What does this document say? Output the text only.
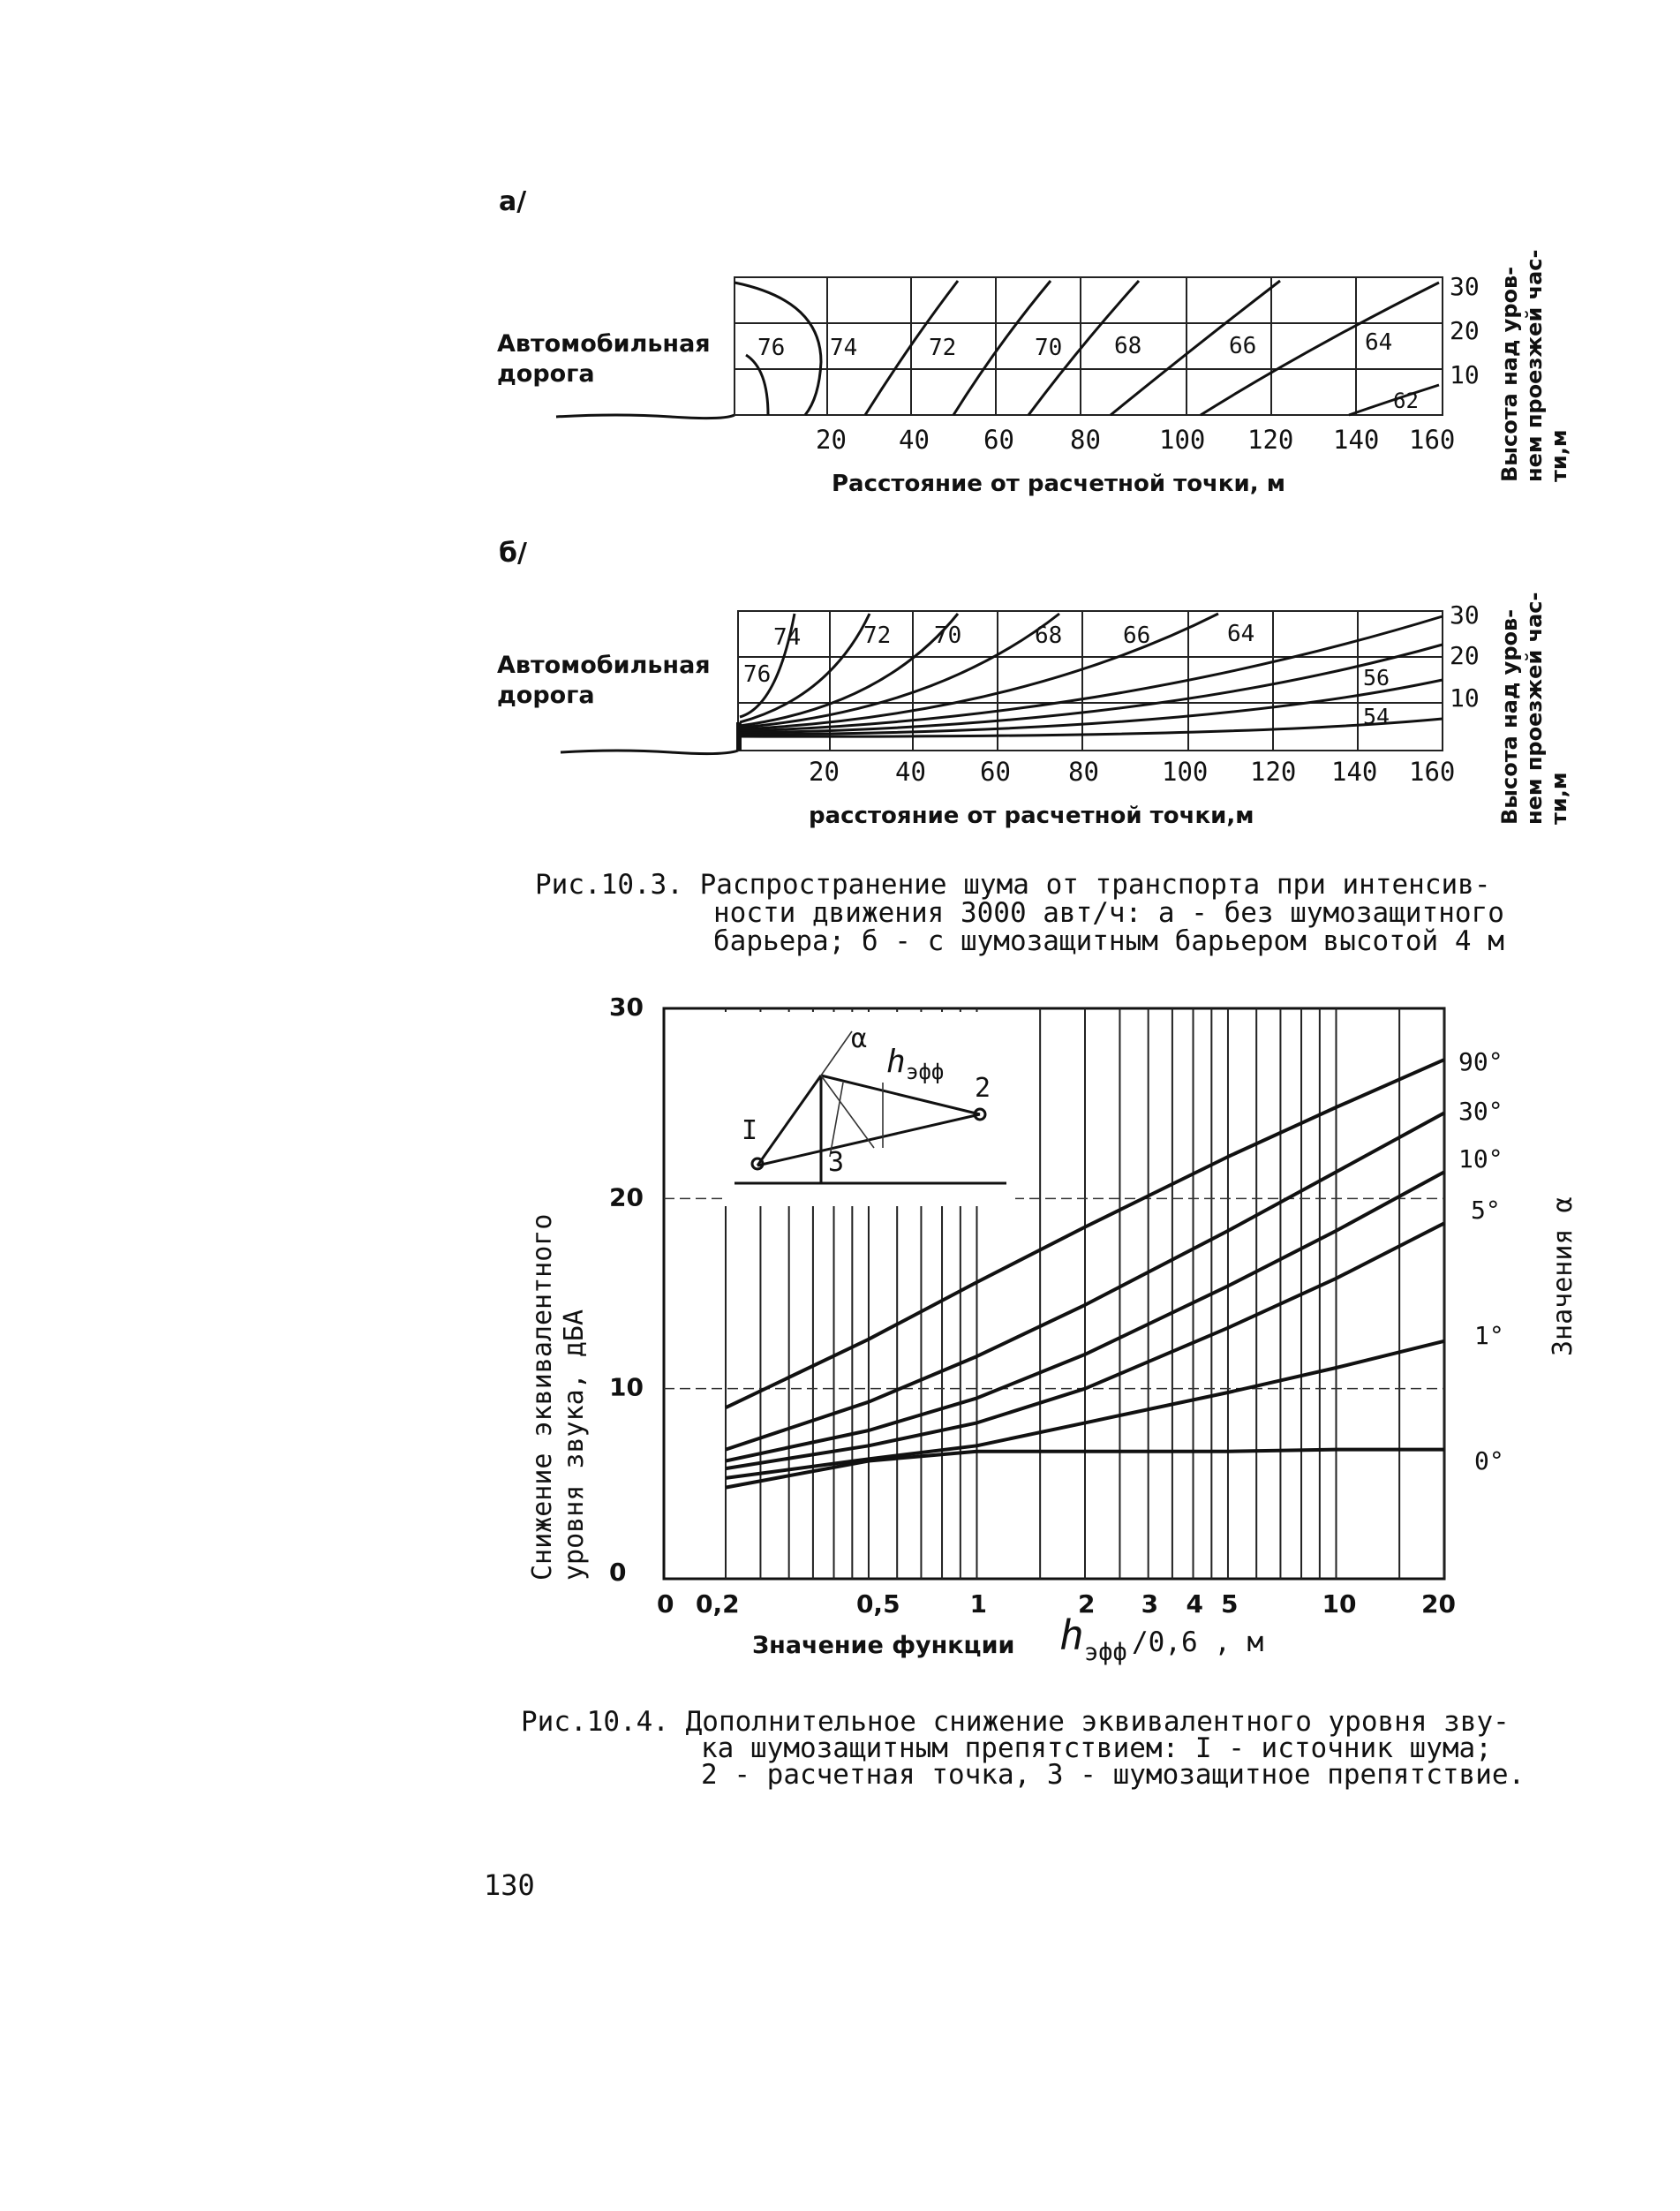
а/
Автомобильная
дорога
76 74	72	70 68	66	64
62
20 40 60 80 100 120 140 160
30
20
10
Расстояние от расчетной точки, м
Высота над уров- нем проезжей час- ти,м
б/
Автомобильная
дорога
76
74	72 70	68	66	64
56
54
20 40 60 80 100 120 140 160
30
20
10
расстояние от расчетной точки,м	Высота над уров- нем проезжей час- ти,м
Рис.10.3. Распространение шума от транспорта при интенсив-
ности движения 3000 авт/ч: а - без шумозащитного
барьера; б - с шумозащитным барьером высотой 4 м
0 0,2	0,5	1	2 3 4 5	10	20
30
20
10
0
I
2
3
α
h эфф	90°
30°
10°
5°
1°
0°
Значения α
Снижение эквивалентного уровня звука, дБА
Значение функции h эфф /0,6 , м
Рис.10.4. Дополнительное снижение эквивалентного уровня зву-
ка шумозащитным препятствием: I - источник шума;
2 - расчетная точка, 3 - шумозащитное препятствие.
130
